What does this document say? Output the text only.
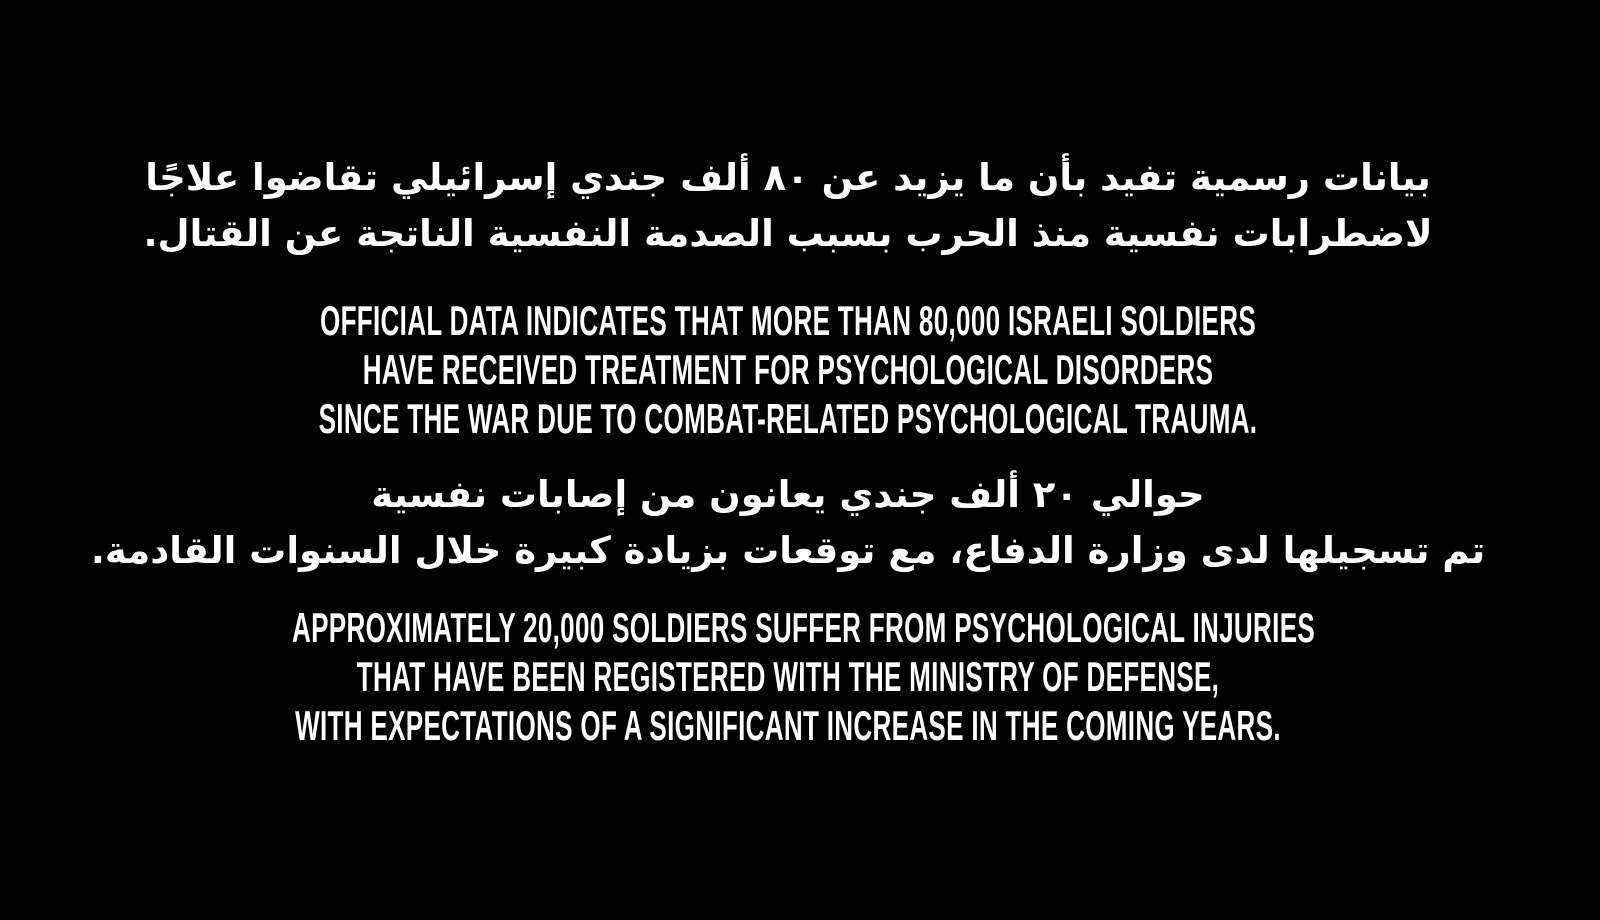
بيانات رسمية تفيد بأن ما يزيد عن ٨٠ ألف جندي إسرائيلي تقاضوا علاجًا
لاضطرابات نفسية منذ الحرب بسبب الصدمة النفسية الناتجة عن القتال.
OFFICIAL DATA INDICATES THAT MORE THAN 80,000 ISRAELI SOLDIERS
HAVE RECEIVED TREATMENT FOR PSYCHOLOGICAL DISORDERS
SINCE THE WAR DUE TO COMBAT-RELATED PSYCHOLOGICAL TRAUMA.
حوالي ٢٠ ألف جندي يعانون من إصابات نفسية
تم تسجيلها لدى وزارة الدفاع، مع توقعات بزيادة كبيرة خلال السنوات القادمة.
APPROXIMATELY 20,000 SOLDIERS SUFFER FROM PSYCHOLOGICAL INJURIES
THAT HAVE BEEN REGISTERED WITH THE MINISTRY OF DEFENSE,
WITH EXPECTATIONS OF A SIGNIFICANT INCREASE IN THE COMING YEARS.
